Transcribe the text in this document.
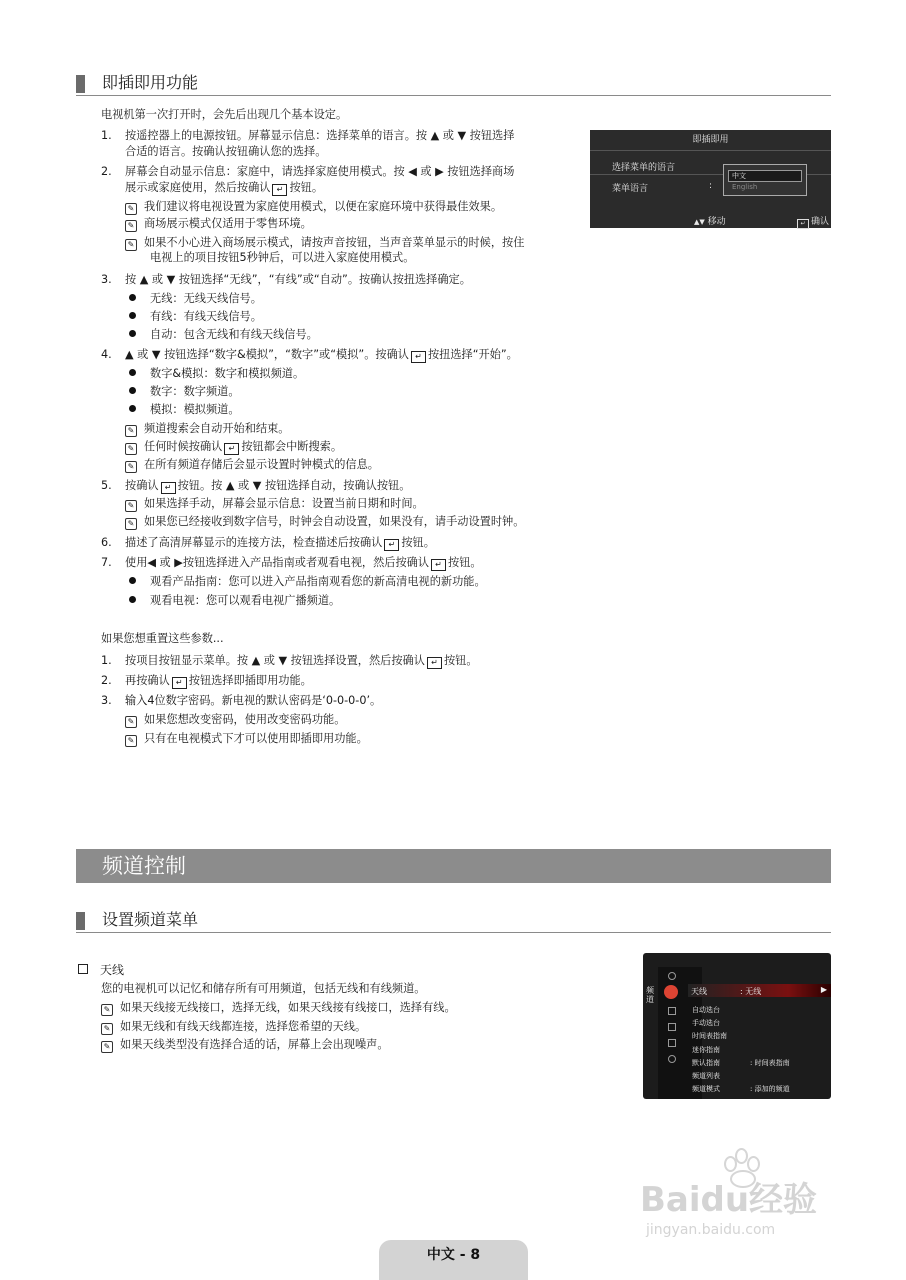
即插即用功能
电视机第一次打开时，会先后出现几个基本设定。
1. 按遥控器上的电源按钮。屏幕显示信息：选择菜单的语言。按 ▲ 或 ▼ 按钮选择
合适的语言。按确认按钮确认您的选择。
2. 屏幕会自动显示信息：家庭中，请选择家庭使用模式。按 ◀ 或 ▶ 按钮选择商场
展示或家庭使用，然后按确认 ↵ 按钮。
✎ 我们建议将电视设置为家庭使用模式，以便在家庭环境中获得最佳效果。
✎ 商场展示模式仅适用于零售环境。
✎ 如果不小心进入商场展示模式，请按声音按钮，当声音菜单显示的时候，按住
电视上的项目按钮5秒钟后，可以进入家庭使用模式。
3. 按 ▲ 或 ▼ 按钮选择“无线”，“有线”或“自动”。按确认按扭选择确定。
无线：无线天线信号。
有线：有线天线信号。
自动：包含无线和有线天线信号。
4. ▲ 或 ▼ 按钮选择“数字&模拟”，“数字”或“模拟”。按确认 ↵ 按扭选择“开始”。
数字&模拟：数字和模拟频道。
数字：数字频道。
模拟：模拟频道。
✎ 频道搜索会自动开始和结束。
✎ 任何时候按确认 ↵ 按钮都会中断搜索。
✎ 在所有频道存储后会显示设置时钟模式的信息。
5. 按确认 ↵ 按钮。按 ▲ 或 ▼ 按钮选择自动，按确认按钮。
✎ 如果选择手动，屏幕会显示信息：设置当前日期和时间。
✎ 如果您已经接收到数字信号，时钟会自动设置，如果没有，请手动设置时钟。
6. 描述了高清屏幕显示的连接方法，检查描述后按确认 ↵ 按钮。
7. 使用◀ 或 ▶按钮选择进入产品指南或者观看电视，然后按确认 ↵ 按钮。
观看产品指南：您可以进入产品指南观看您的新高清电视的新功能。
观看电视：您可以观看电视广播频道。
如果您想重置这些参数...
1. 按项目按钮显示菜单。按 ▲ 或 ▼ 按钮选择设置，然后按确认 ↵ 按钮。
2. 再按确认 ↵ 按钮选择即插即用功能。
3. 输入4位数字密码。新电视的默认密码是‘0-0-0-0’。
✎ 如果您想改变密码，使用改变密码功能。
✎ 只有在电视模式下才可以使用即插即用功能。
即插即用
选择菜单的语言
菜单语言	:
中文
English
▲▼ 移动	↵ 确认
频道控制
设置频道菜单
天线
您的电视机可以记忆和储存所有可用频道，包括无线和有线频道。
✎ 如果天线接无线接口，选择无线，如果天线接有线接口，选择有线。
✎ 如果无线和有线天线都连接，选择您希望的天线。
✎ 如果天线类型没有选择合适的话，屏幕上会出现噪声。
频道
天线	: 无线	▶
自动选台
手动选台
时间表指南
迷你指南
默认指南	: 时间表指南
频道列表
频道模式	: 添加的频道
Baidu经验
jingyan.baidu.com
中文 - 8
